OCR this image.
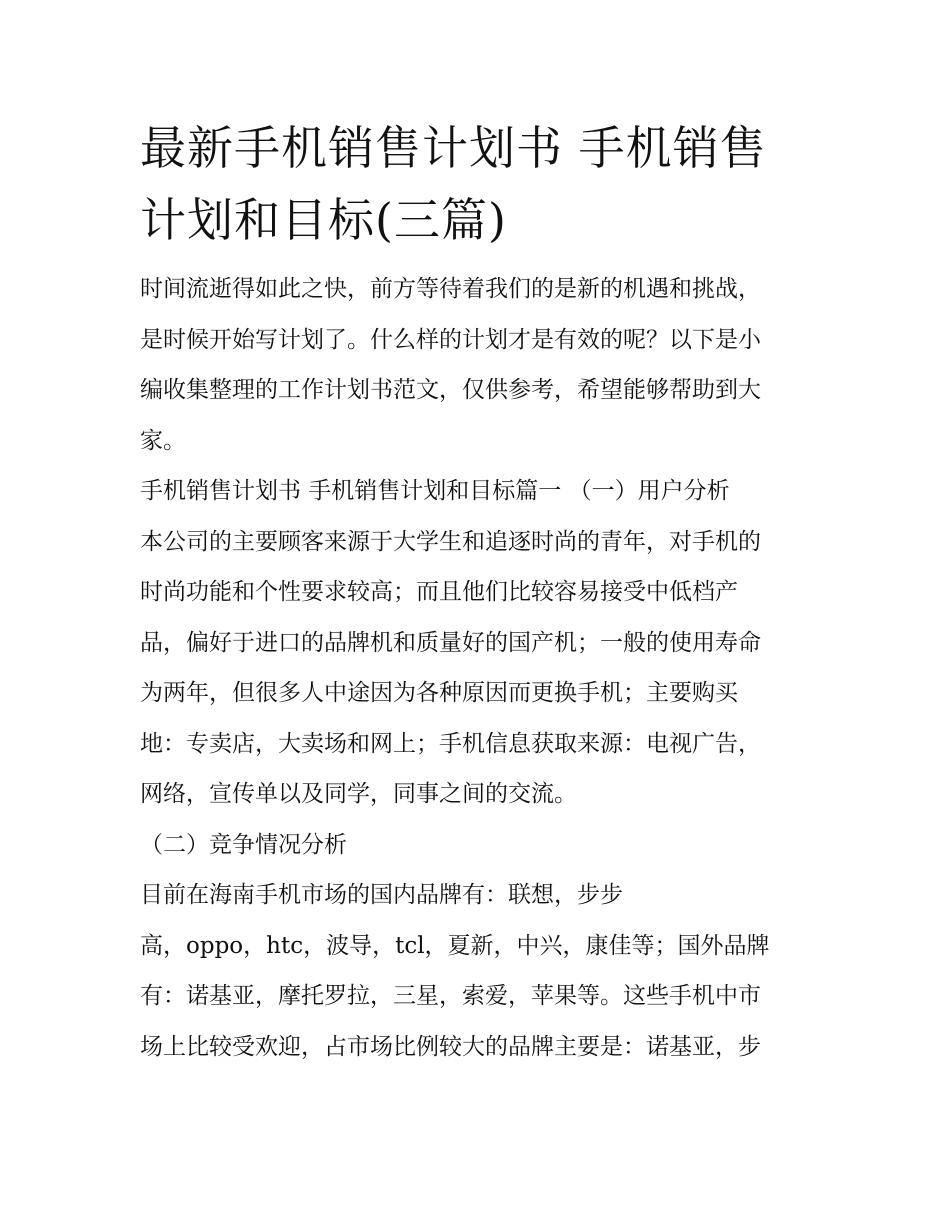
最新手机销售计划书 手机销售
计划和目标(三篇)

时间流逝得如此之快，前方等待着我们的是新的机遇和挑战，

是时候开始写计划了。什么样的计划才是有效的呢？以下是小

编收集整理的工作计划书范文，仅供参考，希望能够帮助到大

家。

手机销售计划书 手机销售计划和目标篇一 （一）用户分析

本公司的主要顾客来源于大学生和追逐时尚的青年，对手机的

时尚功能和个性要求较高；而且他们比较容易接受中低档产

品，偏好于进口的品牌机和质量好的国产机；一般的使用寿命

为两年，但很多人中途因为各种原因而更换手机；主要购买

地：专卖店，大卖场和网上；手机信息获取来源：电视广告，

网络，宣传单以及同学，同事之间的交流。

（二）竞争情况分析

目前在海南手机市场的国内品牌有：联想，步步

高，oppo，htc，波导，tcl，夏新，中兴，康佳等；国外品牌

有：诺基亚，摩托罗拉，三星，索爱，苹果等。这些手机中市

场上比较受欢迎，占市场比例较大的品牌主要是：诺基亚，步
